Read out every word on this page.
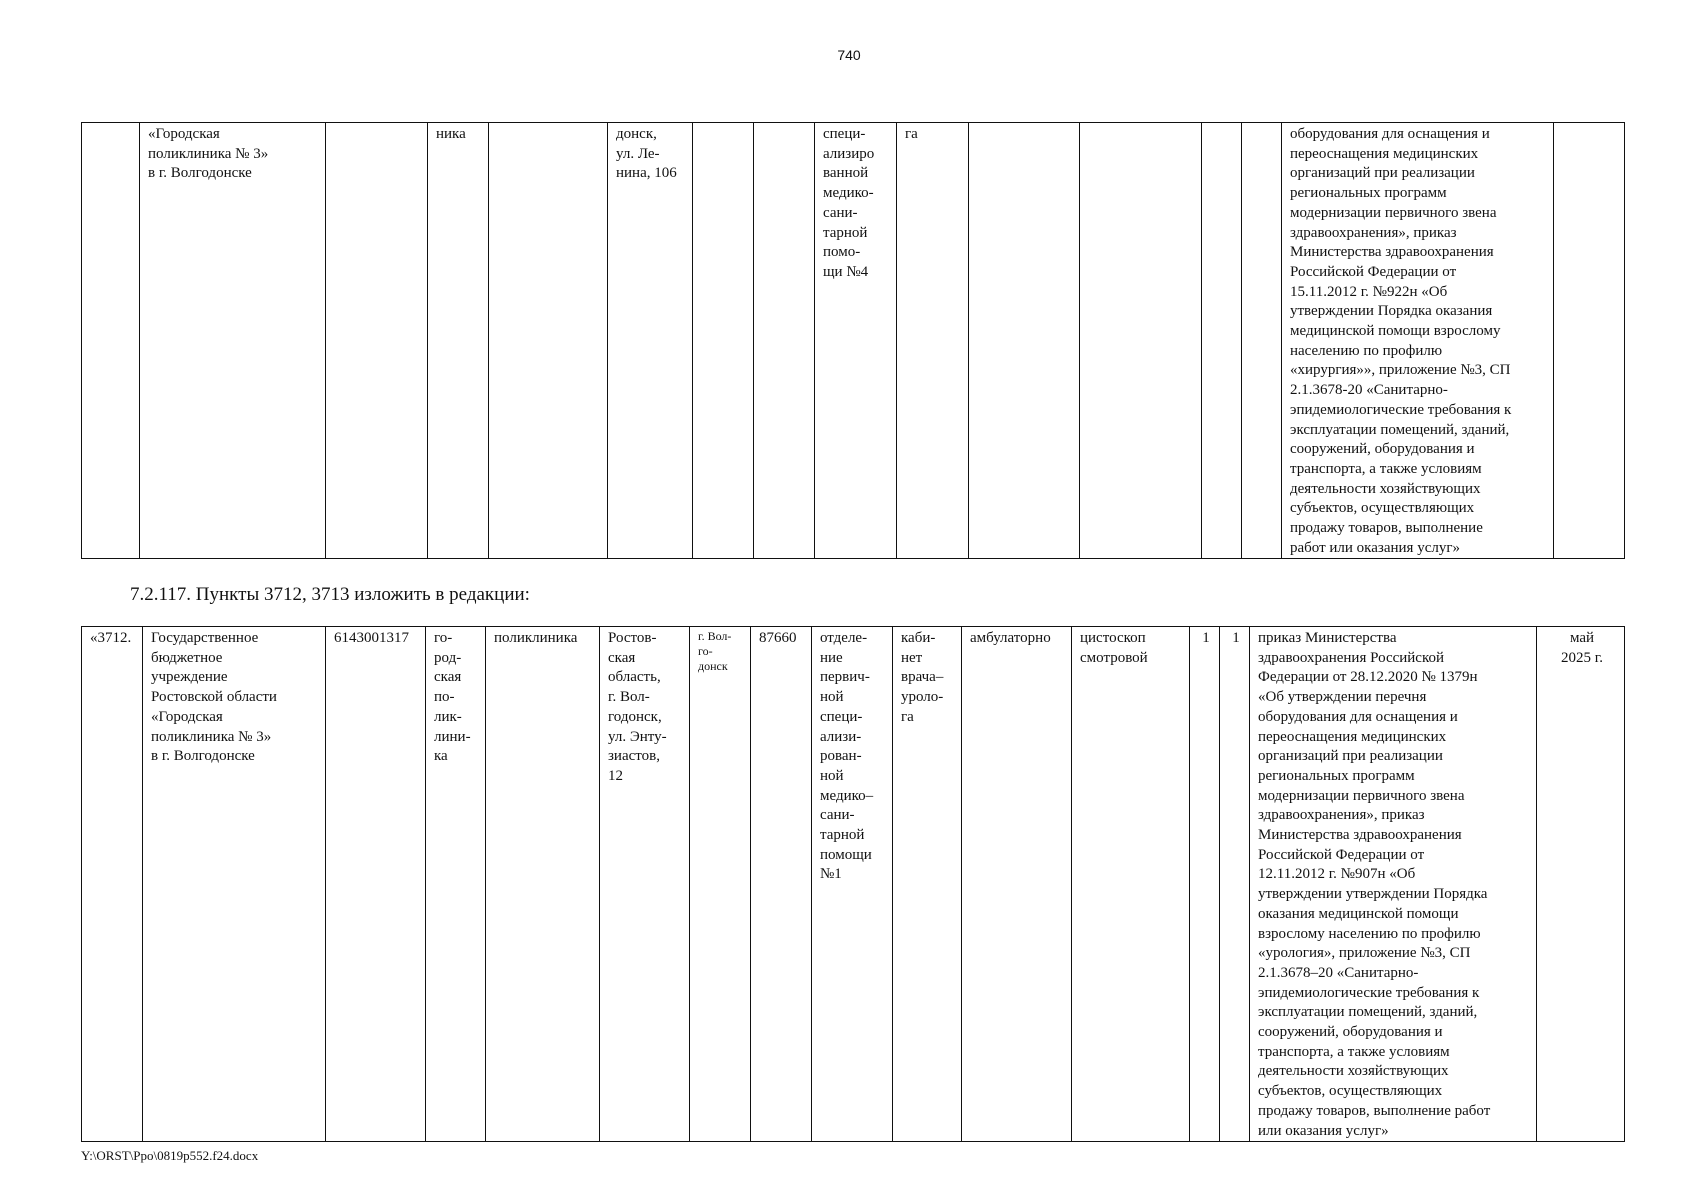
740
	«Городская
поликлиника № 3»
в г. Волгодонске		ника		донск,
ул. Ле-
нина, 106			специ-
ализиро
ванной
медико-
сани-
тарной
помо-
щи №4	га					оборудования для оснащения и
переоснащения медицинских
организаций при реализации
региональных программ
модернизации первичного звена
здравоохранения», приказ
Министерства здравоохранения
Российской Федерации от
15.11.2012 г. №922н «Об
утверждении Порядка оказания
медицинской помощи взрослому
населению по профилю
«хирургия»», приложение №3, СП
2.1.3678-20 «Санитарно-
эпидемиологические требования к
эксплуатации помещений, зданий,
сооружений, оборудования и
транспорта, а также условиям
деятельности хозяйствующих
субъектов, осуществляющих
продажу товаров, выполнение
работ или оказания услуг»	
7.2.117. Пункты 3712, 3713 изложить в редакции:
«3712.	Государственное
бюджетное
учреждение
Ростовской области
«Городская
поликлиника № 3»
в г. Волгодонске	6143001317	го-
род-
ская
по-
лик-
лини-
ка	поликлиника	Ростов-
ская
область,
г. Вол-
годонск,
ул. Энту-
зиастов,
12	г. Вол-
го-
донск	87660	отделе-
ние
первич-
ной
специ-
ализи-
рован-
ной
медико–
сани-
тарной
помощи
№1	каби-
нет
врача–
уроло-
га	амбулаторно	цистоскоп
смотровой	1	1	приказ Министерства
здравоохранения Российской
Федерации от 28.12.2020 № 1379н
«Об утверждении перечня
оборудования для оснащения и
переоснащения медицинских
организаций при реализации
региональных программ
модернизации первичного звена
здравоохранения», приказ
Министерства здравоохранения
Российской Федерации от
12.11.2012 г. №907н «Об
утверждении утверждении Порядка
оказания медицинской помощи
взрослому населению по профилю
«урология», приложение №3, СП
2.1.3678–20 «Санитарно-
эпидемиологические требования к
эксплуатации помещений, зданий,
сооружений, оборудования и
транспорта, а также условиям
деятельности хозяйствующих
субъектов, осуществляющих
продажу товаров, выполнение работ
или оказания услуг»	май
2025 г.
Y:\ORST\Ppo\0819p552.f24.docx
